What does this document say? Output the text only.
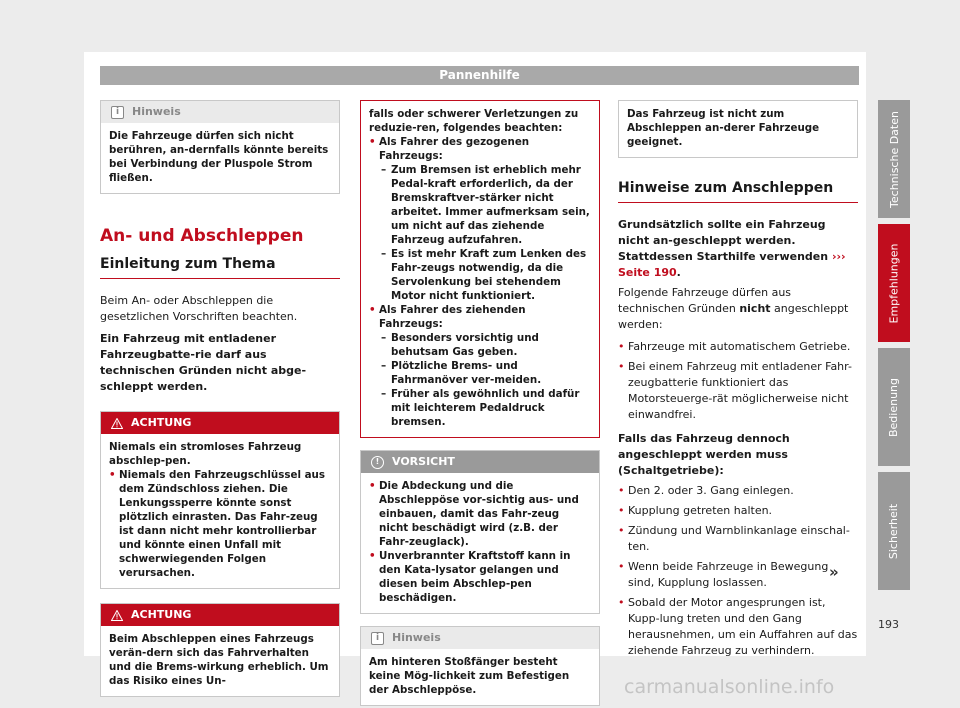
Pannenhilfe
i	Hinweis

Die Fahrzeuge dürfen sich nicht berühren, an-dernfalls könnte bereits bei Verbindung der Pluspole Strom fließen.

An- und Abschleppen
Einleitung zum Thema

Beim An- oder Abschleppen die gesetzlichen Vorschriften beachten.

Ein Fahrzeug mit entladener Fahrzeugbatte-rie darf aus technischen Gründen nicht abge-schleppt werden.

ACHTUNG

Niemals ein stromloses Fahrzeug abschlep-pen.

• Niemals den Fahrzeugschlüssel aus dem Zündschloss ziehen. Die Lenkungssperre könnte sonst plötzlich einrasten. Das Fahr-zeug ist dann nicht mehr kontrollierbar und könnte einen Unfall mit schwerwiegenden Folgen verursachen.
ACHTUNG

Beim Abschleppen eines Fahrzeugs verän-dern sich das Fahrverhalten und die Brems-wirkung erheblich. Um das Risiko eines Un-

falls oder schwerer Verletzungen zu reduzie-ren, folgendes beachten:

• Als Fahrer des gezogenen Fahrzeugs:
– Zum Bremsen ist erheblich mehr Pedal-kraft erforderlich, da der Bremskraftver-stärker nicht arbeitet. Immer aufmerksam sein, um nicht auf das ziehende Fahrzeug aufzufahren.
– Es ist mehr Kraft zum Lenken des Fahr-zeugs notwendig, da die Servolenkung bei stehendem Motor nicht funktioniert.
• Als Fahrer des ziehenden Fahrzeugs:
– Besonders vorsichtig und behutsam Gas geben.
– Plötzliche Brems- und Fahrmanöver ver-meiden.
– Früher als gewöhnlich und dafür mit leichterem Pedaldruck bremsen.
!	VORSICHT
• Die Abdeckung und die Abschleppöse vor-sichtig aus- und einbauen, damit das Fahr-zeug nicht beschädigt wird (z.B. der Fahr-zeuglack).
• Unverbrannter Kraftstoff kann in den Kata-lysator gelangen und diesen beim Abschlep-pen beschädigen.
i	Hinweis

Am hinteren Stoßfänger besteht keine Mög-lichkeit zum Befestigen der Abschleppöse.

Das Fahrzeug ist nicht zum Abschleppen an-derer Fahrzeuge geeignet.

Hinweise zum Anschleppen

Grundsätzlich sollte ein Fahrzeug nicht an-geschleppt werden. Stattdessen Starthilfe verwenden ››› Seite 190.

Folgende Fahrzeuge dürfen aus technischen Gründen nicht angeschleppt werden:

• Fahrzeuge mit automatischem Getriebe.
• Bei einem Fahrzeug mit entladener Fahr-zeugbatterie funktioniert das Motorsteuerge-rät möglicherweise nicht einwandfrei.

Falls das Fahrzeug dennoch angeschleppt werden muss (Schaltgetriebe):

• Den 2. oder 3. Gang einlegen.
• Kupplung getreten halten.
• Zündung und Warnblinkanlage einschal-ten.
• Wenn beide Fahrzeuge in Bewegung sind, Kupplung loslassen.
• Sobald der Motor angesprungen ist, Kupp-lung treten und den Gang herausnehmen, um ein Auffahren auf das ziehende Fahrzeug zu verhindern.
»
Technische Daten
Empfehlungen
Bedienung
Sicherheit
193
carmanualsonline.info
